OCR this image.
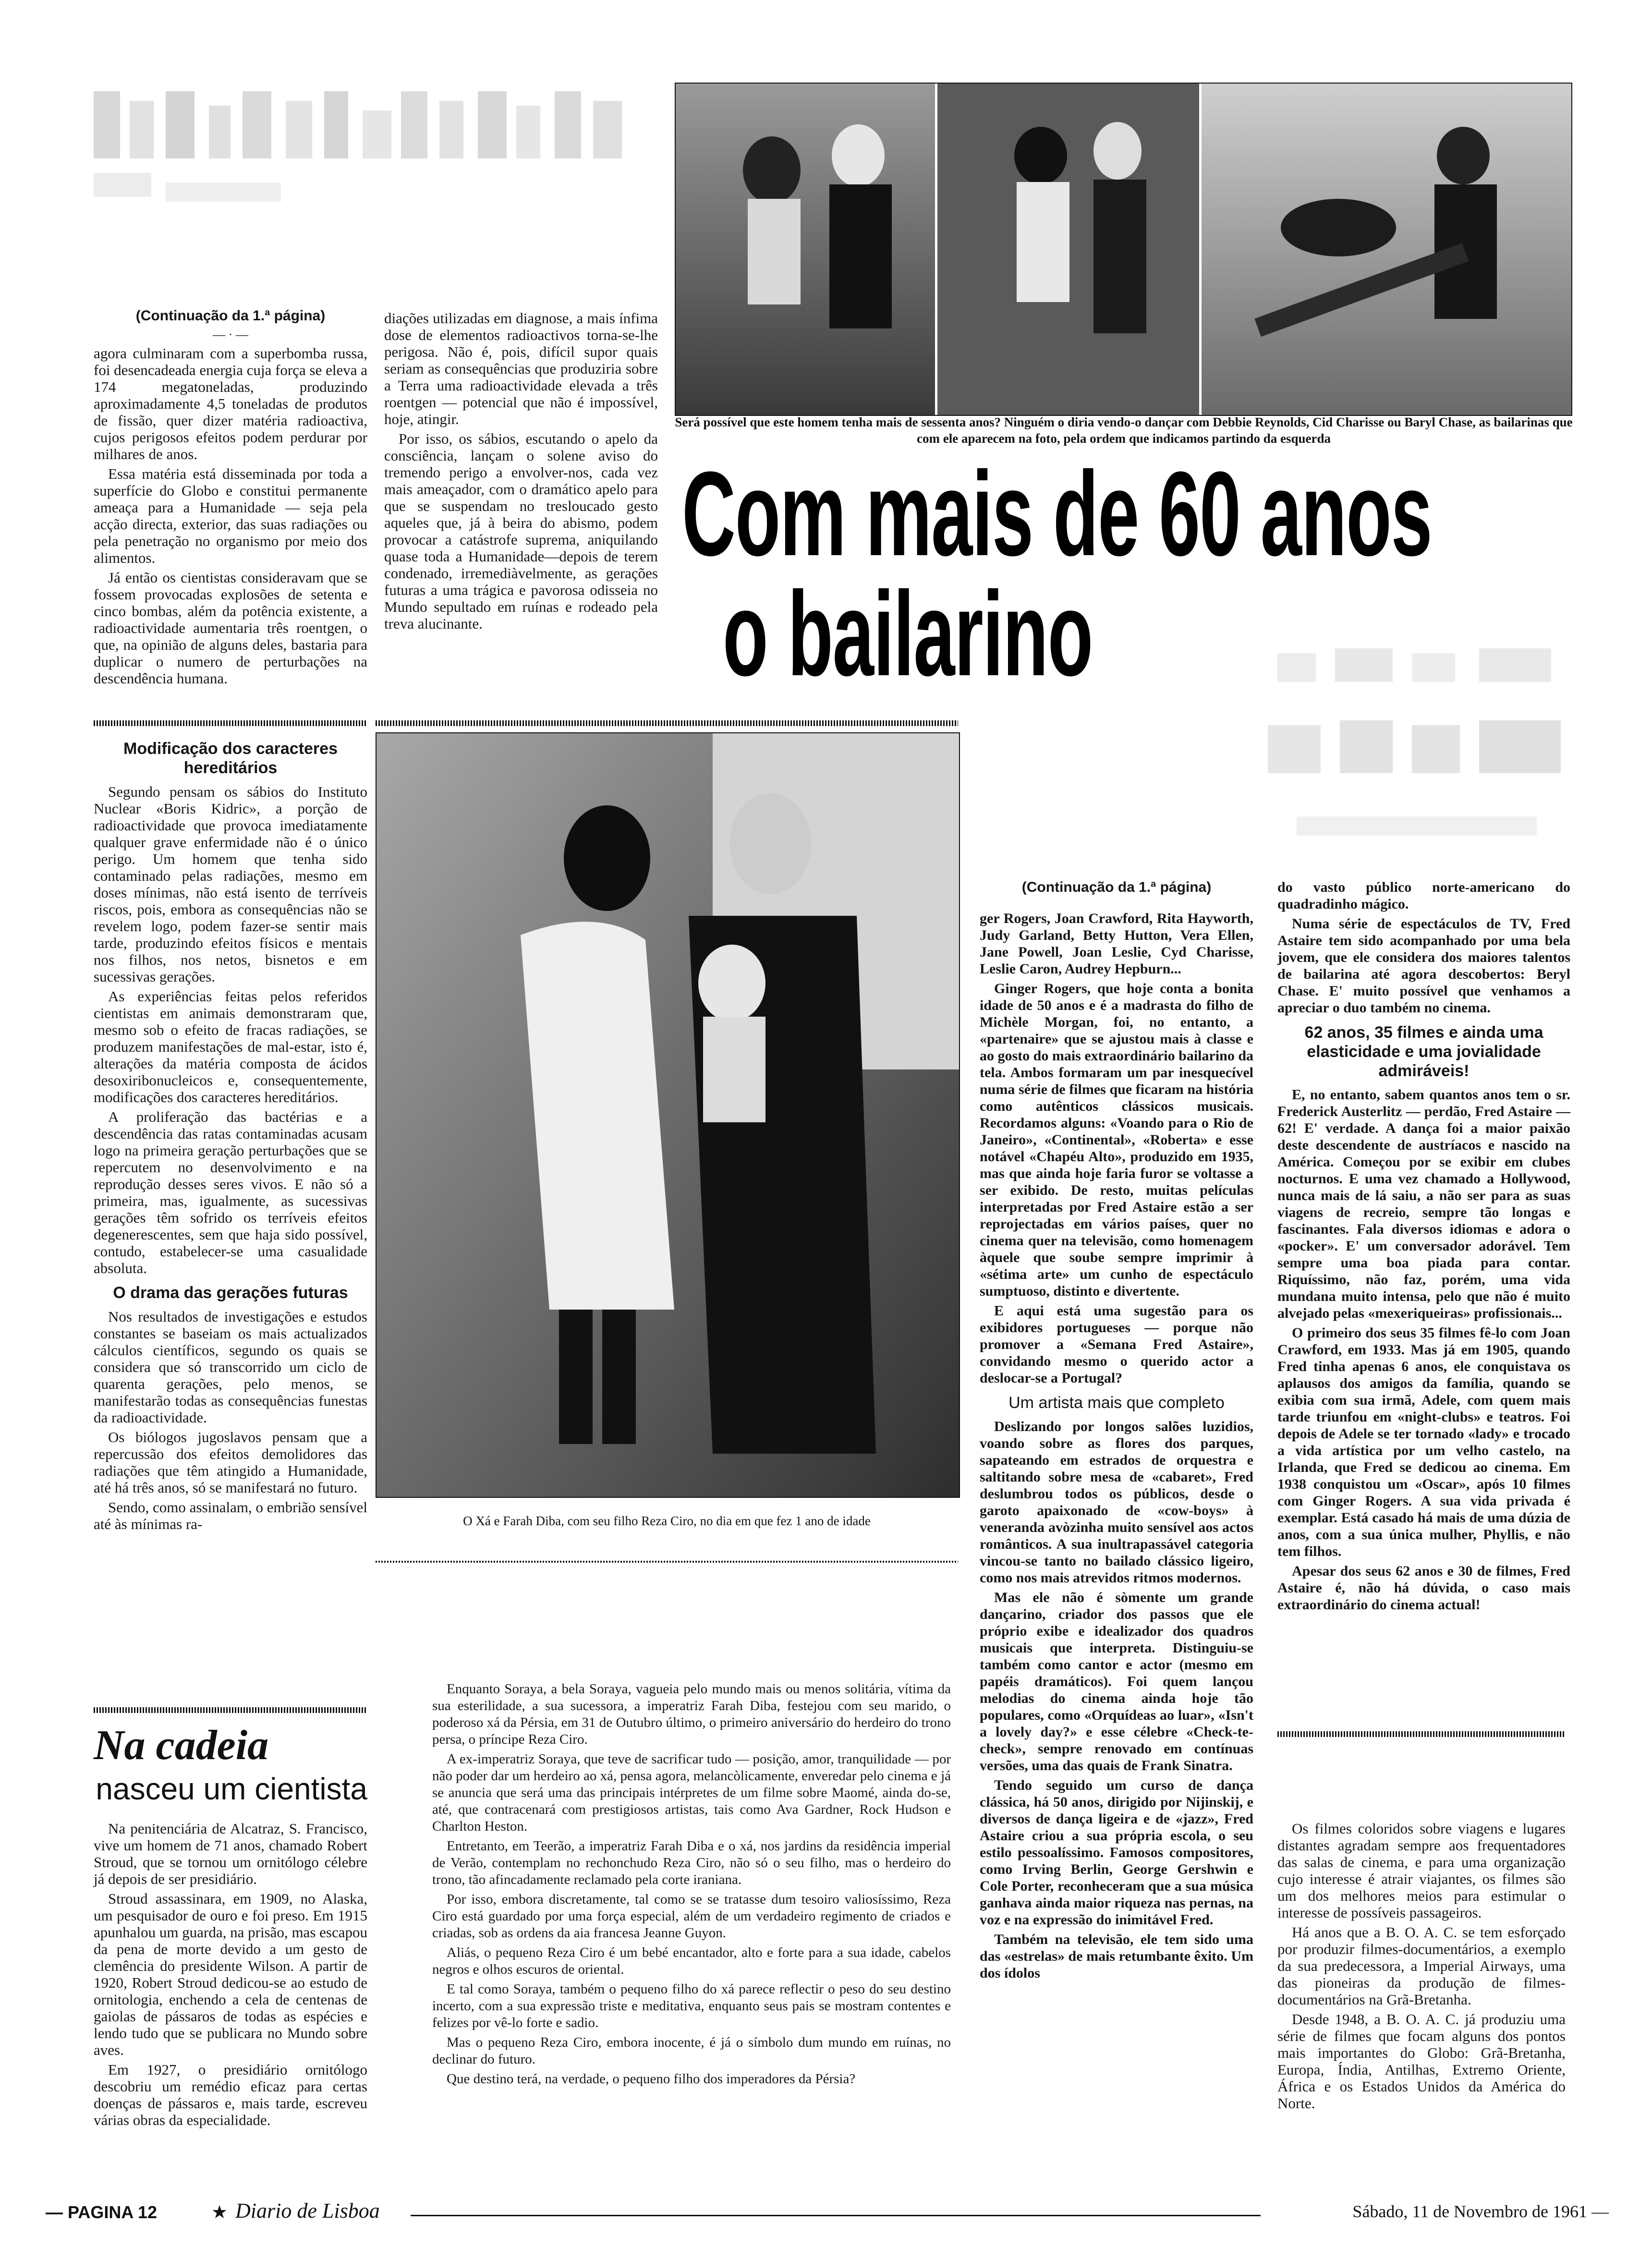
(Continuação da 1.ª página)
— · —

agora culminaram com a superbomba russa, foi desencadeada energia cuja força se eleva a 174 megatoneladas, produzindo aproximadamente 4,5 toneladas de produtos de fissão, quer dizer matéria radioactiva, cujos perigosos efeitos podem perdurar por milhares de anos.

Essa matéria está disseminada por toda a superfície do Globo e constitui permanente ameaça para a Humanidade — seja pela acção directa, exterior, das suas radiações ou pela penetração no organismo por meio dos alimentos.

Já então os cientistas consideravam que se fossem provocadas explosões de setenta e cinco bombas, além da potência existente, a radioactividade aumentaria três roentgen, o que, na opinião de alguns deles, bastaria para duplicar o numero de perturbações na descendência humana.

diações utilizadas em diagnose, a mais ínfima dose de elementos radioactivos torna-se-lhe perigosa. Não é, pois, difícil supor quais seriam as consequências que produziria sobre a Terra uma radioactividade elevada a três roentgen — potencial que não é impossível, hoje, atingir.

Por isso, os sábios, escutando o apelo da consciência, lançam o solene aviso do tremendo perigo a envolver-nos, cada vez mais ameaçador, com o dramático apelo para que se suspendam no tresloucado gesto aqueles que, já à beira do abismo, podem provocar a catástrofe suprema, aniquilando quase toda a Humanidade—depois de terem condenado, irremediàvelmente, as gerações futuras a uma trágica e pavorosa odisseia no Mundo sepultado em ruínas e rodeado pela treva alucinante.

Modificação dos caracteres hereditários

Segundo pensam os sábios do Instituto Nuclear «Boris Kidric», a porção de radioactividade que provoca imediatamente qualquer grave enfermidade não é o único perigo. Um homem que tenha sido contaminado pelas radiações, mesmo em doses mínimas, não está isento de terríveis riscos, pois, embora as consequências não se revelem logo, podem fazer-se sentir mais tarde, produzindo efeitos físicos e mentais nos filhos, nos netos, bisnetos e em sucessivas gerações.

As experiências feitas pelos referidos cientistas em animais demonstraram que, mesmo sob o efeito de fracas radiações, se produzem manifestações de mal-estar, isto é, alterações da matéria composta de ácidos desoxiribonucleicos e, consequentemente, modificações dos caracteres hereditários.

A proliferação das bactérias e a descendência das ratas contaminadas acusam logo na primeira geração perturbações que se repercutem no desenvolvimento e na reprodução desses seres vivos. E não só a primeira, mas, igualmente, as sucessivas gerações têm sofrido os terríveis efeitos degenerescentes, sem que haja sido possível, contudo, estabelecer-se uma casualidade absoluta.

O drama das gerações futuras

Nos resultados de investigações e estudos constantes se baseiam os mais actualizados cálculos científicos, segundo os quais se considera que só transcorrido um ciclo de quarenta gerações, pelo menos, se manifestarão todas as consequências funestas da radioactividade.

Os biólogos jugoslavos pensam que a repercussão dos efeitos demolidores das radiações que têm atingido a Humanidade, até há três anos, só se manifestará no futuro.

Sendo, como assinalam, o embrião sensível até às mínimas ra-

Na cadeia
nasceu um cientista

Na penitenciária de Alcatraz, S. Francisco, vive um homem de 71 anos, chamado Robert Stroud, que se tornou um ornitólogo célebre já depois de ser presidiário.

Stroud assassinara, em 1909, no Alaska, um pesquisador de ouro e foi preso. Em 1915 apunhalou um guarda, na prisão, mas escapou da pena de morte devido a um gesto de clemência do presidente Wilson. A partir de 1920, Robert Stroud dedicou-se ao estudo de ornitologia, enchendo a cela de centenas de gaiolas de pássaros de todas as espécies e lendo tudo que se publicara no Mundo sobre aves.

Em 1927, o presidiário ornitólogo descobriu um remédio eficaz para certas doenças de pássaros e, mais tarde, escreveu várias obras da especialidade.

Será possível que este homem tenha mais de sessenta anos? Ninguém o diria vendo-o dançar com Debbie Reynolds, Cid Charisse ou Baryl Chase, as bailarinas que com ele aparecem na foto, pela ordem que indicamos partindo da esquerda
Com mais de 60 anos
o bailarino
O Xá e Farah Diba, com seu filho Reza Ciro, no dia em que fez 1 ano de idade

Enquanto Soraya, a bela Soraya, vagueia pelo mundo mais ou menos solitária, vítima da sua esterilidade, a sua sucessora, a imperatriz Farah Diba, festejou com seu marido, o poderoso xá da Pérsia, em 31 de Outubro último, o primeiro aniversário do herdeiro do trono persa, o príncipe Reza Ciro.

A ex-imperatriz Soraya, que teve de sacrificar tudo — posição, amor, tranquilidade — por não poder dar um herdeiro ao xá, pensa agora, melancòlicamente, enveredar pelo cinema e já se anuncia que será uma das principais intérpretes de um filme sobre Maomé, ainda do-se, até, que contracenará com prestigiosos artistas, tais como Ava Gardner, Rock Hudson e Charlton Heston.

Entretanto, em Teerão, a imperatriz Farah Diba e o xá, nos jardins da residência imperial de Verão, contemplam no rechonchudo Reza Ciro, não só o seu filho, mas o herdeiro do trono, tão afincadamente reclamado pela corte iraniana.

Por isso, embora discretamente, tal como se se tratasse dum tesoiro valiosíssimo, Reza Ciro está guardado por uma força especial, além de um verdadeiro regimento de criados e criadas, sob as ordens da aia francesa Jeanne Guyon.

Aliás, o pequeno Reza Ciro é um bebé encantador, alto e forte para a sua idade, cabelos negros e olhos escuros de oriental.

E tal como Soraya, também o pequeno filho do xá parece reflectir o peso do seu destino incerto, com a sua expressão triste e meditativa, enquanto seus pais se mostram contentes e felizes por vê-lo forte e sadio.

Mas o pequeno Reza Ciro, embora inocente, é já o símbolo dum mundo em ruínas, no declinar do futuro.

Que destino terá, na verdade, o pequeno filho dos imperadores da Pérsia?

(Continuação da 1.ª página)

ger Rogers, Joan Crawford, Rita Hayworth, Judy Garland, Betty Hutton, Vera Ellen, Jane Powell, Joan Leslie, Cyd Charisse, Leslie Caron, Audrey Hepburn...

Ginger Rogers, que hoje conta a bonita idade de 50 anos e é a madrasta do filho de Michèle Morgan, foi, no entanto, a «partenaire» que se ajustou mais à classe e ao gosto do mais extraordinário bailarino da tela. Ambos formaram um par inesquecível numa série de filmes que ficaram na história como autênticos clássicos musicais. Recordamos alguns: «Voando para o Rio de Janeiro», «Continental», «Roberta» e esse notável «Chapéu Alto», produzido em 1935, mas que ainda hoje faria furor se voltasse a ser exibido. De resto, muitas películas interpretadas por Fred Astaire estão a ser reprojectadas em vários países, quer no cinema quer na televisão, como homenagem àquele que soube sempre imprimir à «sétima arte» um cunho de espectáculo sumptuoso, distinto e divertente.

E aqui está uma sugestão para os exibidores portugueses — porque não promover a «Semana Fred Astaire», convidando mesmo o querido actor a deslocar-se a Portugal?

Um artista mais que completo

Deslizando por longos salões luzidios, voando sobre as flores dos parques, sapateando em estrados de orquestra e saltitando sobre mesa de «cabaret», Fred deslumbrou todos os públicos, desde o garoto apaixonado de «cow-boys» à veneranda avòzinha muito sensível aos actos românticos. A sua inultrapassável categoria vincou-se tanto no bailado clássico ligeiro, como nos mais atrevidos ritmos modernos.

Mas ele não é sòmente um grande dançarino, criador dos passos que ele próprio exibe e idealizador dos quadros musicais que interpreta. Distinguiu-se também como cantor e actor (mesmo em papéis dramáticos). Foi quem lançou melodias do cinema ainda hoje tão populares, como «Orquídeas ao luar», «Isn't a lovely day?» e esse célebre «Check-te-check», sempre renovado em contínuas versões, uma das quais de Frank Sinatra.

Tendo seguido um curso de dança clássica, há 50 anos, dirigido por Nijinskij, e diversos de dança ligeira e de «jazz», Fred Astaire criou a sua própria escola, o seu estilo pessoalíssimo. Famosos compositores, como Irving Berlin, George Gershwin e Cole Porter, reconheceram que a sua música ganhava ainda maior riqueza nas pernas, na voz e na expressão do inimitável Fred.

Também na televisão, ele tem sido uma das «estrelas» de mais retumbante êxito. Um dos ídolos

do vasto público norte-americano do quadradinho mágico.

Numa série de espectáculos de TV, Fred Astaire tem sido acompanhado por uma bela jovem, que ele considera dos maiores talentos de bailarina até agora descobertos: Beryl Chase. E' muito possível que venhamos a apreciar o duo também no cinema.

62 anos, 35 filmes e ainda uma elasticidade e uma jovialidade admiráveis!

E, no entanto, sabem quantos anos tem o sr. Frederick Austerlitz — perdão, Fred Astaire — 62! E' verdade. A dança foi a maior paixão deste descendente de austríacos e nascido na América. Começou por se exibir em clubes nocturnos. E uma vez chamado a Hollywood, nunca mais de lá saiu, a não ser para as suas viagens de recreio, sempre tão longas e fascinantes. Fala diversos idiomas e adora o «pocker». E' um conversador adorável. Tem sempre uma boa piada para contar. Riquíssimo, não faz, porém, uma vida mundana muito intensa, pelo que não é muito alvejado pelas «mexeriqueiras» profissionais...

O primeiro dos seus 35 filmes fê-lo com Joan Crawford, em 1933. Mas já em 1905, quando Fred tinha apenas 6 anos, ele conquistava os aplausos dos amigos da família, quando se exibia com sua irmã, Adele, com quem mais tarde triunfou em «night-clubs» e teatros. Foi depois de Adele se ter tornado «lady» e trocado a vida artística por um velho castelo, na Irlanda, que Fred se dedicou ao cinema. Em 1938 conquistou um «Oscar», após 10 filmes com Ginger Rogers. A sua vida privada é exemplar. Está casado há mais de uma dúzia de anos, com a sua única mulher, Phyllis, e não tem filhos.

Apesar dos seus 62 anos e 30 de filmes, Fred Astaire é, não há dúvida, o caso mais extraordinário do cinema actual!

Os filmes coloridos sobre viagens e lugares distantes agradam sempre aos frequentadores das salas de cinema, e para uma organização cujo interesse é atrair viajantes, os filmes são um dos melhores meios para estimular o interesse de possíveis passageiros.

Há anos que a B. O. A. C. se tem esforçado por produzir filmes-documentários, a exemplo da sua predecessora, a Imperial Airways, uma das pioneiras da produção de filmes-documentários na Grã-Bretanha.

Desde 1948, a B. O. A. C. já produziu uma série de filmes que focam alguns dos pontos mais importantes do Globo: Grã-Bretanha, Europa, Índia, Antilhas, Extremo Oriente, África e os Estados Unidos da América do Norte.

— PAGINA 12	★ Diario de Lisboa	Sábado, 11 de Novembro de 1961 —
